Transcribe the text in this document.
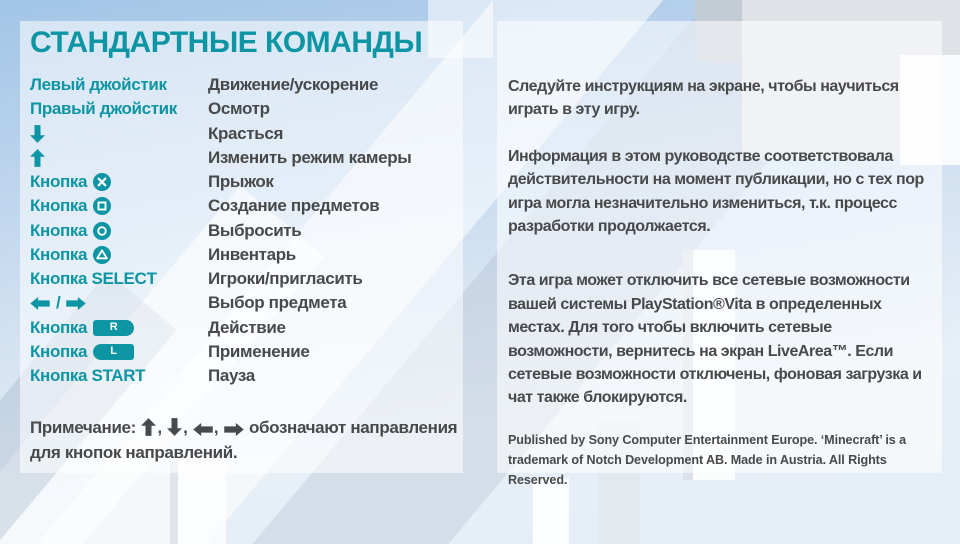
СТАНДАРТНЫЕ КОМАНДЫ
Левый джойстик Движение/ускорение
Правый джойстик Осмотр
Красться
Изменить режим камеры
Кнопка	Прыжок
Кнопка	Создание предметов
Кнопка	Выбросить
Кнопка	Инвентарь
Кнопка SELECT	Игроки/пригласить
/	Выбор предмета
Кнопка	R	Действие
Кнопка	L	Применение
Кнопка START	Пауза

Примечание: , , ,  обозначают направления для кнопок направлений.

Следуйте инструкциям на экране, чтобы научиться играть в эту игру.

Информация в этом руководстве соответствовала действительности на момент публикации, но с тех пор игра могла незначительно измениться, т.к. процесс разработки продолжается.

Эта игра может отключить все сетевые возможности вашей системы PlayStation®Vita в определенных местах. Для того чтобы включить сетевые возможности, вернитесь на экран LiveArea™. Если сетевые возможности отключены, фоновая загрузка и чат также блокируются.

Published by Sony Computer Entertainment Europe. ‘Minecraft’ is a trademark of Notch Development AB. Made in Austria. All Rights Reserved.
